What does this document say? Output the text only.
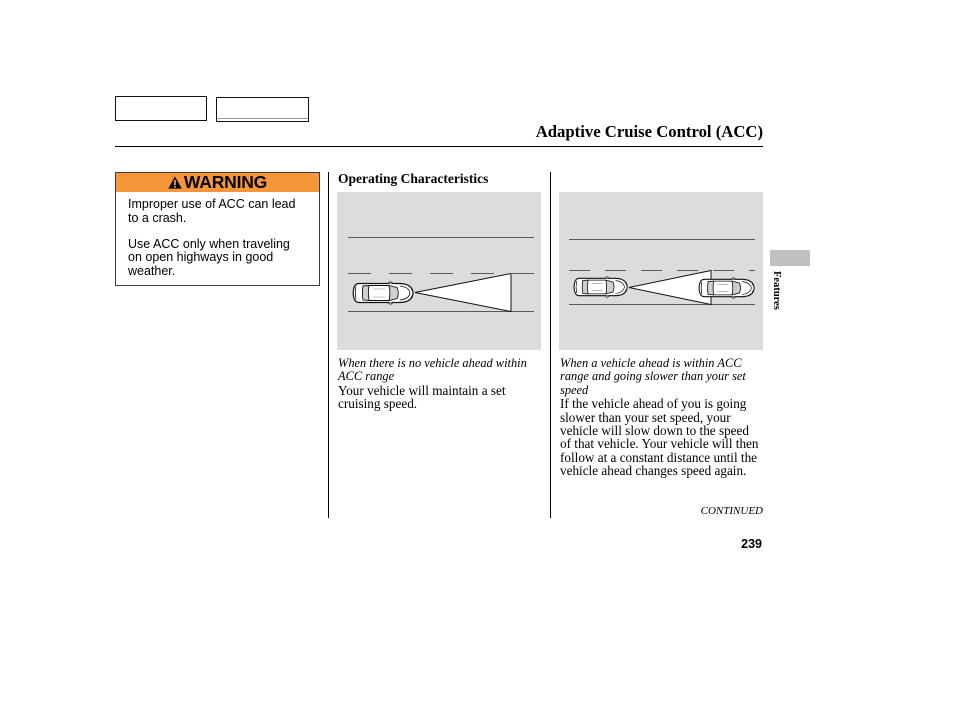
Adaptive Cruise Control (ACC)
WARNING

Improper use of ACC can lead
to a crash.

Use ACC only when traveling
on open highways in good
weather.

Operating Characteristics
When there is no vehicle ahead within
ACC range
Your vehicle will maintain a set
cruising speed.
When a vehicle ahead is within ACC
range and going slower than your set
speed
If the vehicle ahead of you is going
slower than your set speed, your
vehicle will slow down to the speed
of that vehicle. Your vehicle will then
follow at a constant distance until the
vehicle ahead changes speed again.
CONTINUED
239
Features
